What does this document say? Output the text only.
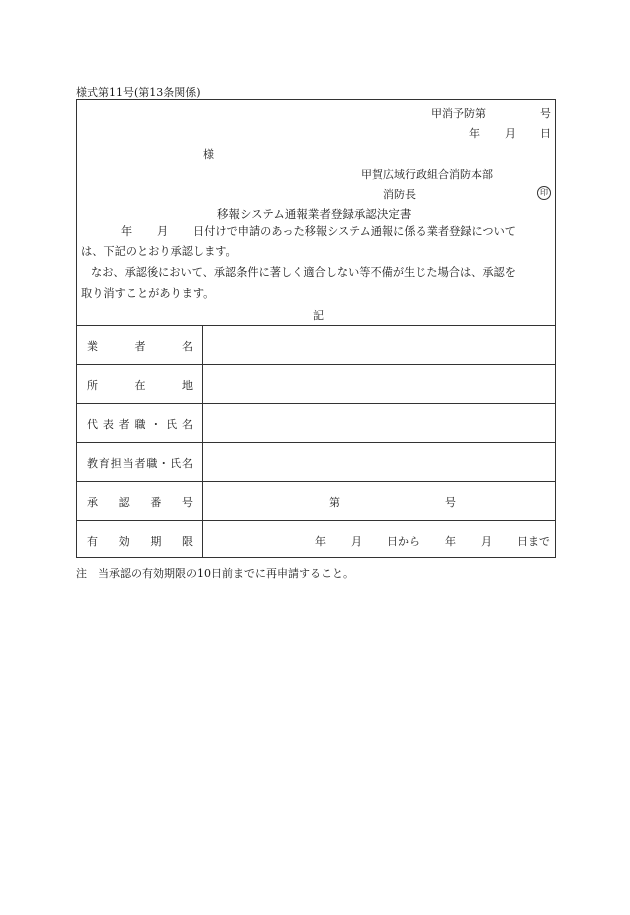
様式第11号(第13条関係)
甲消予防第	号
年 月 日
様
甲賀広域行政組合消防本部
消防長	印
移報システム通報業者登録承認決定書
年 月 日付けで申請のあった移報システム通報に係る業者登録について
は、下記のとおり承認します。
なお、承認後において、承認条件に著しく適合しない等不備が生じた場合は、承認を
取り消すことがあります。
記
業	者	名
所	在	地
代 表 者 職 ・ 氏 名
教 育 担 当 者 職 ・ 氏 名
承 認 番 号	第	号
有 効 期 限	年 月 日から 年 月 日まで
注　当承認の有効期限の10日前までに再申請すること。
